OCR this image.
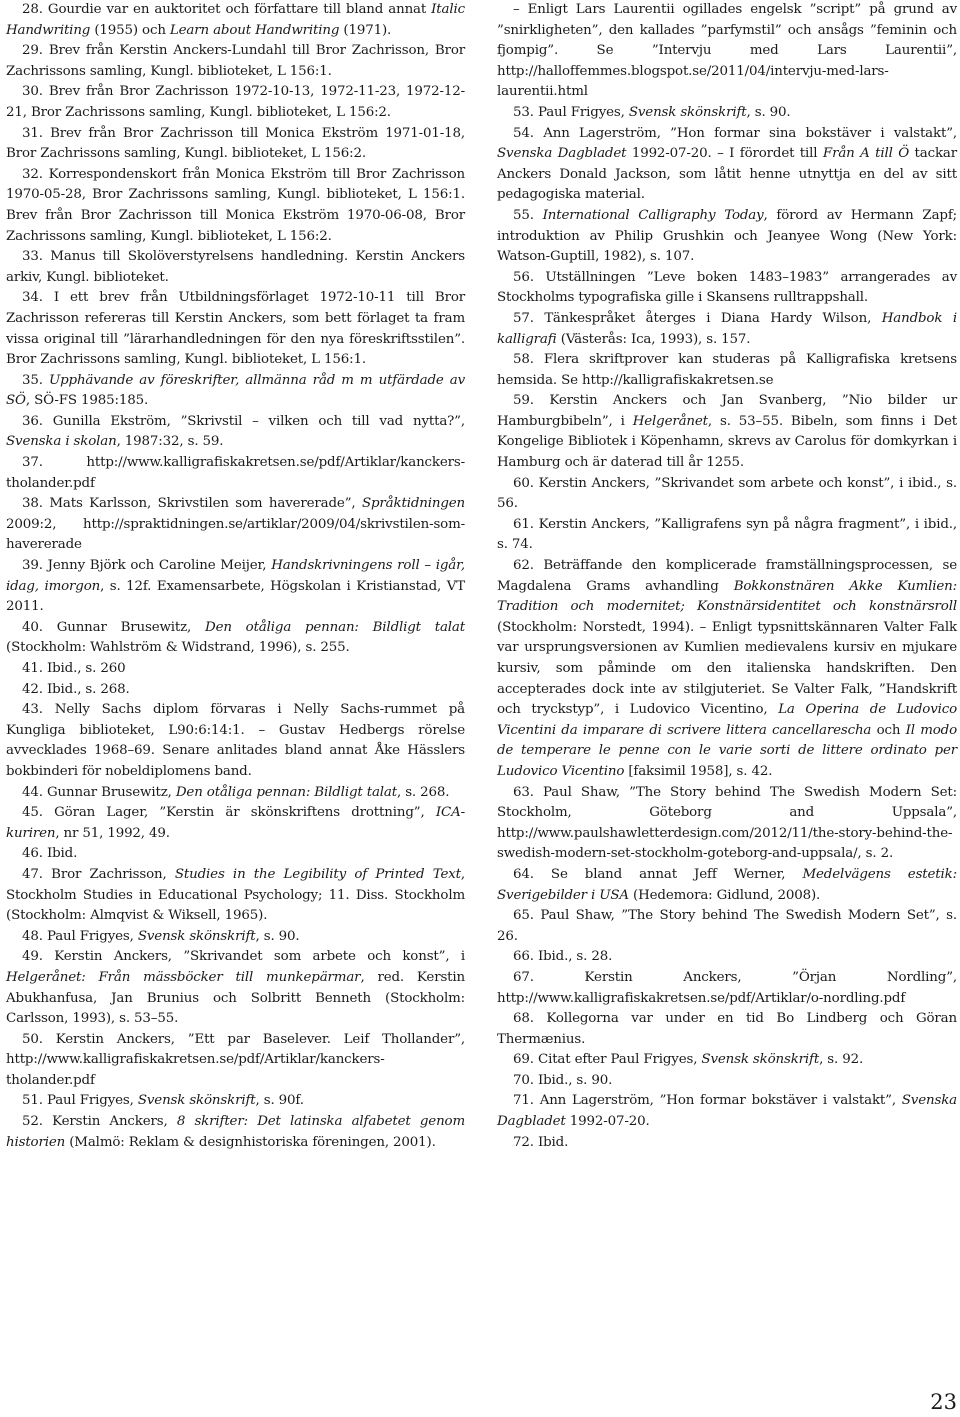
28. Gourdie var en auktoritet och författare till bland annat Italic Handwriting (1955) och Learn about Handwriting (1971).

29. Brev från Kerstin Anckers-Lundahl till Bror Zachrisson, Bror Zachrissons samling, Kungl. biblioteket, L 156:1.

30. Brev från Bror Zachrisson 1972-10-13, 1972-11-23, 1972-12-21, Bror Zachrissons samling, Kungl. biblioteket, L 156:2.

31. Brev från Bror Zachrisson till Monica Ekström 1971-01-18, Bror Zachrissons samling, Kungl. biblioteket, L 156:2.

32. Korrespondenskort från Monica Ekström till Bror Zachrisson 1970-05-28, Bror Zachrissons samling, Kungl. biblioteket, L 156:1. Brev från Bror Zachrisson till Monica Ekström 1970-06-08, Bror Zachrissons samling, Kungl. biblioteket, L 156:2.

33. Manus till Skolöverstyrelsens handledning. Kerstin Anckers arkiv, Kungl. biblioteket.

34. I ett brev från Utbildningsförlaget 1972-10-11 till Bror Zachrisson refereras till Kerstin Anckers, som bett förlaget ta fram vissa original till ”lärarhandledningen för den nya föreskriftsstilen”. Bror Zachrissons samling, Kungl. biblioteket, L 156:1.

35. Upphävande av föreskrifter, allmänna råd m m utfärdade av SÖ, SÖ-FS 1985:185.

36. Gunilla Ekström, ”Skrivstil – vilken och till vad nytta?”, Svenska i skolan, 1987:32, s. 59.

37.	http://www.kalligrafiskakretsen.se/pdf/Artiklar/kanckers-tholander.pdf

38. Mats Karlsson, Skrivstilen som havererade”, Språktidningen 2009:2, http://spraktidningen.se/artiklar/2009/04/skrivstilen-som-havererade

39. Jenny Björk och Caroline Meijer, Handskrivningens roll – igår, idag, imorgon, s. 12f. Examensarbete, Högskolan i Kristianstad, VT 2011.

40. Gunnar Brusewitz, Den otåliga pennan: Bildligt talat (Stockholm: Wahlström & Widstrand, 1996), s. 255.

41. Ibid., s. 260

42. Ibid., s. 268.

43. Nelly Sachs diplom förvaras i Nelly Sachs-rummet på Kungliga biblioteket, L90:6:14:1. – Gustav Hedbergs rörelse avvecklades 1968–69. Senare anlitades bland annat Åke Hässlers bokbinderi för nobeldiplomens band.

44. Gunnar Brusewitz, Den otåliga pennan: Bildligt talat, s. 268.

45. Göran Lager, ”Kerstin är skönskriftens drottning”, ICA-kuriren, nr 51, 1992, 49.

46. Ibid.

47. Bror Zachrisson, Studies in the Legibility of Printed Text, Stockholm Studies in Educational Psychology; 11. Diss. Stockholm (Stockholm: Almqvist & Wiksell, 1965).

48. Paul Frigyes, Svensk skönskrift, s. 90.

49. Kerstin Anckers, ”Skrivandet som arbete och konst”, i Helgerånet: Från mässböcker till munkepärmar, red. Kerstin Abukhanfusa, Jan Brunius och Solbritt Benneth (Stockholm: Carlsson, 1993), s. 53–55.

50. Kerstin Anckers, ”Ett par Baselever. Leif Thollander”, http://www.kalligrafiskakretsen.se/pdf/Artiklar/kanckers-tholander.pdf

51. Paul Frigyes, Svensk skönskrift, s. 90f.

52. Kerstin Anckers, 8 skrifter: Det latinska alfabetet genom historien (Malmö: Reklam & designhistoriska föreningen, 2001).

– Enligt Lars Laurentii ogillades engelsk ”script” på grund av ”snirkligheten”, den kallades ”parfymstil” och ansågs ”feminin och fjompig”. Se ”Intervju med Lars Laurentii”, http://halloffemmes.blogspot.se/2011/04/intervju-med-lars-laurentii.html

53. Paul Frigyes, Svensk skönskrift, s. 90.

54. Ann Lagerström, ”Hon formar sina bokstäver i valstakt”, Svenska Dagbladet 1992-07-20. – I förordet till Från A till Ö tackar Anckers Donald Jackson, som låtit henne utnyttja en del av sitt pedagogiska material.

55. International Calligraphy Today, förord av Hermann Zapf; introduktion av Philip Grushkin och Jeanyee Wong (New York: Watson-Guptill, 1982), s. 107.

56. Utställningen ”Leve boken 1483–1983” arrangerades av Stockholms typografiska gille i Skansens rulltrappshall.

57. Tänkespråket återges i Diana Hardy Wilson, Handbok i kalligrafi (Västerås: Ica, 1993), s. 157.

58. Flera skriftprover kan studeras på Kalligrafiska kretsens hemsida. Se http://kalligrafiskakretsen.se

59. Kerstin Anckers och Jan Svanberg, ”Nio bilder ur Hamburgbibeln”, i Helgerånet, s. 53–55. Bibeln, som finns i Det Kongelige Bibliotek i Köpenhamn, skrevs av Carolus för domkyrkan i Hamburg och är daterad till år 1255.

60. Kerstin Anckers, ”Skrivandet som arbete och konst”, i ibid., s. 56.

61. Kerstin Anckers, ”Kalligrafens syn på några fragment”, i ibid., s. 74.

62. Beträffande den komplicerade framställningsprocessen, se Magdalena Grams avhandling Bokkonstnären Akke Kumlien: Tradition och modernitet; Konstnärsidentitet och konstnärsroll (Stockholm: Norstedt, 1994). – Enligt typsnittskännaren Valter Falk var ursprungsversionen av Kumlien medievalens kursiv en mjukare kursiv, som påminde om den italienska handskriften. Den accepterades dock inte av stilgjuteriet. Se Valter Falk, ”Handskrift och tryckstyp”, i Ludovico Vicentino, La Operina de Ludovico Vicentini da imparare di scrivere littera cancellarescha och Il modo de temperare le penne con le varie sorti de littere ordinato per Ludovico Vicentino [faksimil 1958], s. 42.

63. Paul Shaw, ”The Story behind The Swedish Modern Set: Stockholm, Göteborg and Uppsala”, http://www.paulshawletterdesign.com/2012/11/the-story-behind-the-swedish-modern-set-stockholm-goteborg-and-uppsala/, s. 2.

64. Se bland annat Jeff Werner, Medelvägens estetik: Sverigebilder i USA (Hedemora: Gidlund, 2008).

65. Paul Shaw, ”The Story behind The Swedish Modern Set”, s. 26.

66. Ibid., s. 28.

67.	Kerstin Anckers, ”Örjan Nordling”, http://www.kalligrafiskakretsen.se/pdf/Artiklar/o-nordling.pdf

68. Kollegorna var under en tid Bo Lindberg och Göran Thermænius.

69. Citat efter Paul Frigyes, Svensk skönskrift, s. 92.

70. Ibid., s. 90.

71. Ann Lagerström, ”Hon formar bokstäver i valstakt”, Svenska Dagbladet 1992-07-20.

72. Ibid.

23
